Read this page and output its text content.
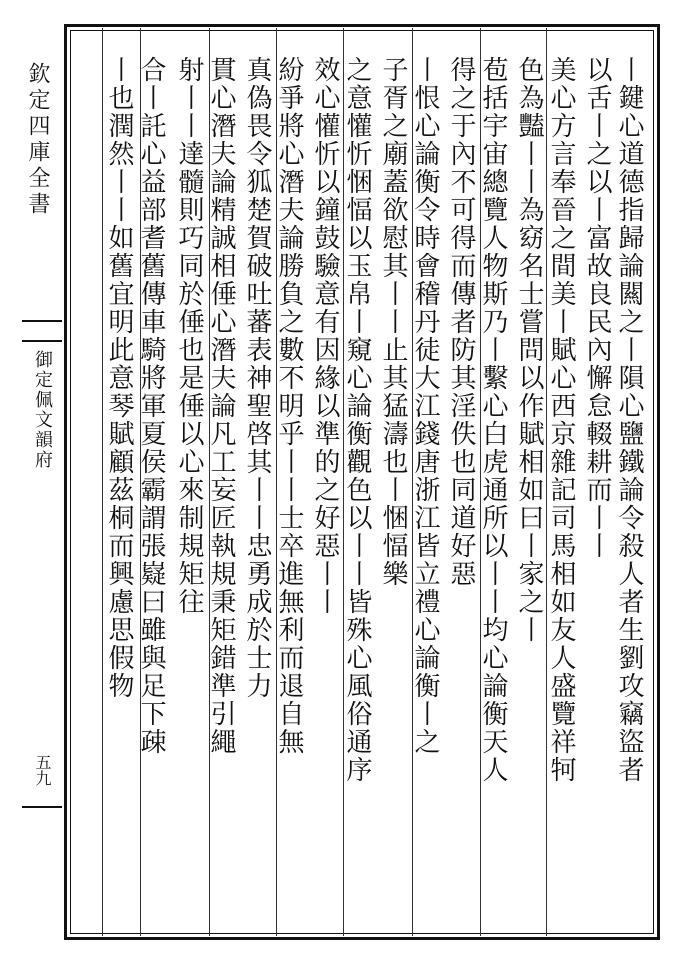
欽定四庫全書
御定佩文韻府
五九	丨鍵心道德指歸論闗之丨隕心鹽鐵論令殺人者生劉攻竊盜者
以舌丨之以丨富故良民內懈怠輟耕而丨丨
美心方言奉晉之間美丨賦心西京雜記司馬相如友人盛覽祥牱
色為豔丨丨為窈名士嘗問以作賦相如曰丨家之丨
苞括宇宙總覽人物斯乃丨繫心白虎通所以丨丨均心論衡天人
得之于內不可得而傳者防其淫佚也同道好惡
丨恨心論衡令時會稽丹徒大江錢唐浙江皆立禮心論衡丨之
子胥之廟蓋欲慰其丨丨止其猛濤也丨悃愊樂
之意懽忻悃愊以玉帛丨窺心論衡觀色以丨丨皆殊心風俗通序
效心懽忻以鐘鼓驗意有因緣以準的之好惡丨丨
紛爭將心潛夫論勝負之數不明乎丨丨士卒進無利而退自無
真偽畏令狐楚賀破吐蕃表神聖啓其丨丨忠勇成於士力
貫心潛夫論精誠相倕心潛夫論凡工妄匠執規秉矩錯準引繩
射丨丨達髓則巧同於倕也是倕以心來制規矩往
合丨託心益部耆舊傳車騎將軍夏侯霸謂張嶷曰雖與足下疎
丨也潤然丨丨如舊宜明此意琴賦顧茲桐而興慮思假物
